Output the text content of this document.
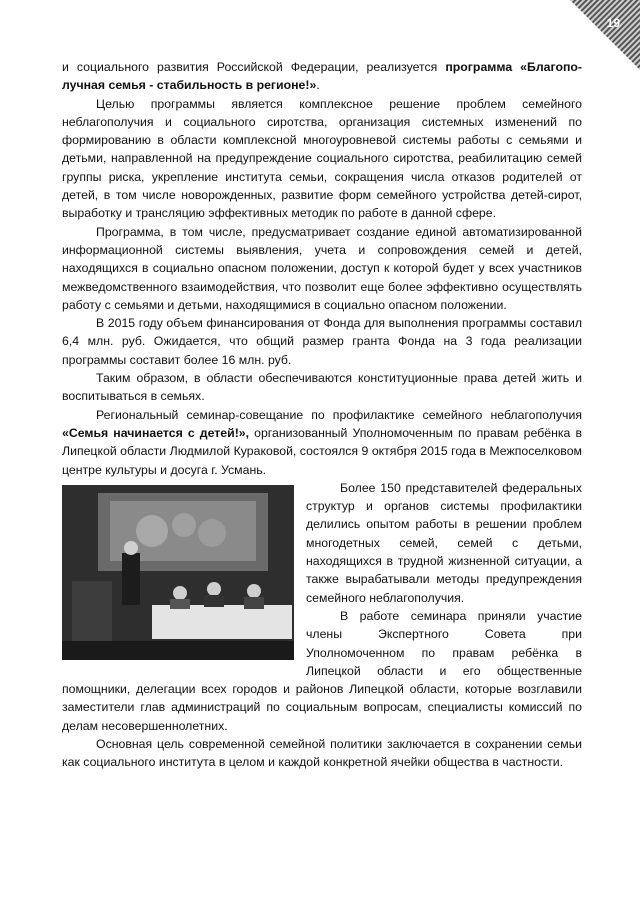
19

и социального развития Российской Федерации, реализуется программа «Благопо-лучная семья - стабильность в регионе!».

Целью программы является комплексное решение проблем семейного неблагополучия и социального сиротства, организация системных изменений по формированию в области комплексной многоуровневой системы работы с семьями и детьми, направленной на предупреждение социального сиротства, реабилитацию семей группы риска, укрепление института семьи, сокращения числа отказов родителей от детей, в том числе новорожденных, развитие форм семейного устройства детей-сирот, выработку и трансляцию эффективных методик по работе в данной сфере.

Программа, в том числе, предусматривает создание единой автоматизированной информационной системы выявления, учета и сопровождения семей и детей, находящихся в социально опасном положении, доступ к которой будет у всех участников межведомственного взаимодействия, что позволит еще более эффективно осуществлять работу с семьями и детьми, находящимися в социально опасном положении.

В 2015 году объем финансирования от Фонда для выполнения программы составил 6,4 млн. руб. Ожидается, что общий размер гранта Фонда на 3 года реализации программы составит более 16 млн. руб.

Таким образом, в области обеспечиваются конституционные права детей жить и воспитываться в семьях.

Региональный семинар-совещание по профилактике семейного неблагополучия «Семья начинается с детей!», организованный Уполномоченным по правам ребёнка в Липецкой области Людмилой Кураковой, состоялся 9 октября 2015 года в Межпоселковом центре культуры и досуга г. Усмань.

Более 150 представителей федеральных структур и органов системы профилактики делились опытом работы в решении проблем многодетных семей, семей с детьми, находящихся в трудной жизненной ситуации, а также вырабатывали методы предупреждения семейного неблагополучия.

В работе семинара приняли участие члены Экспертного Совета при Уполномоченном по правам ребёнка в Липецкой области и его общественные помощники, делегации всех городов и районов Липецкой области, которые возглавили заместители глав администраций по социальным вопросам, специалисты комиссий по делам несовершеннолетних.

Основная цель современной семейной политики заключается в сохранении семьи как социального института в целом и каждой конкретной ячейки общества в частности.
